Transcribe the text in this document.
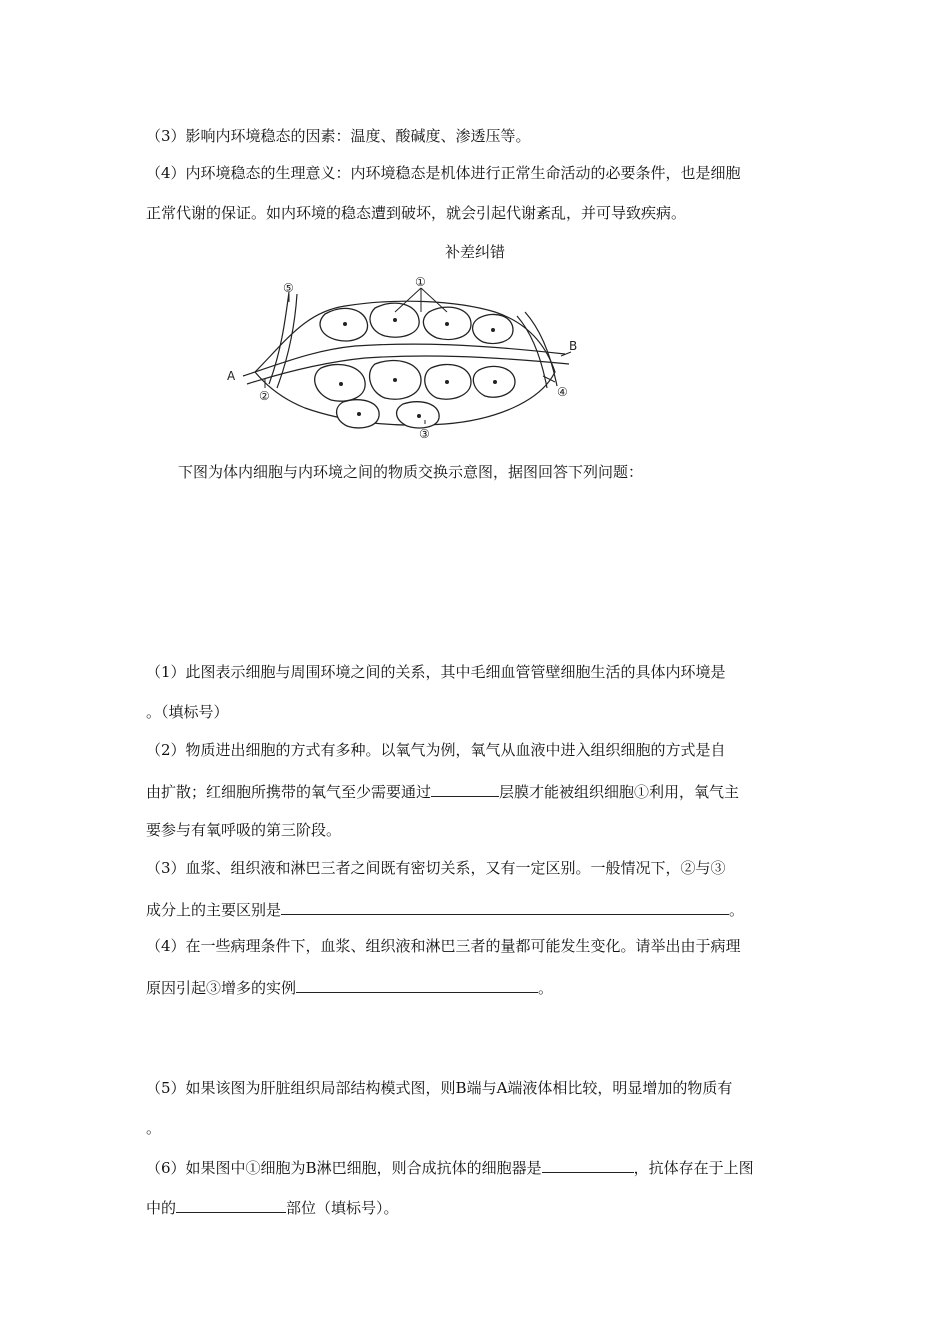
（3）影响内环境稳态的因素：温度、酸碱度、渗透压等。
（4）内环境稳态的生理意义：内环境稳态是机体进行正常生命活动的必要条件，也是细胞
正常代谢的保证。如内环境的稳态遭到破坏，就会引起代谢紊乱，并可导致疾病。
补差纠错
①
②
③
④
⑤
A
B
下图为体内细胞与内环境之间的物质交换示意图，据图回答下列问题：
（1）此图表示细胞与周围环境之间的关系，其中毛细血管管壁细胞生活的具体内环境是
。（填标号）
（2）物质进出细胞的方式有多种。以氧气为例，氧气从血液中进入组织细胞的方式是自
由扩散；红细胞所携带的氧气至少需要通过	层膜才能被组织细胞①利用，氧气主
要参与有氧呼吸的第三阶段。
（3）血浆、组织液和淋巴三者之间既有密切关系，又有一定区别。一般情况下，②与③
成分上的主要区别是	。
（4）在一些病理条件下，血浆、组织液和淋巴三者的量都可能发生变化。请举出由于病理
原因引起③增多的实例	。
（5）如果该图为肝脏组织局部结构模式图，则B端与A端液体相比较，明显增加的物质有
。
（6）如果图中①细胞为B淋巴细胞，则合成抗体的细胞器是	，抗体存在于上图
中的	部位（填标号）。
